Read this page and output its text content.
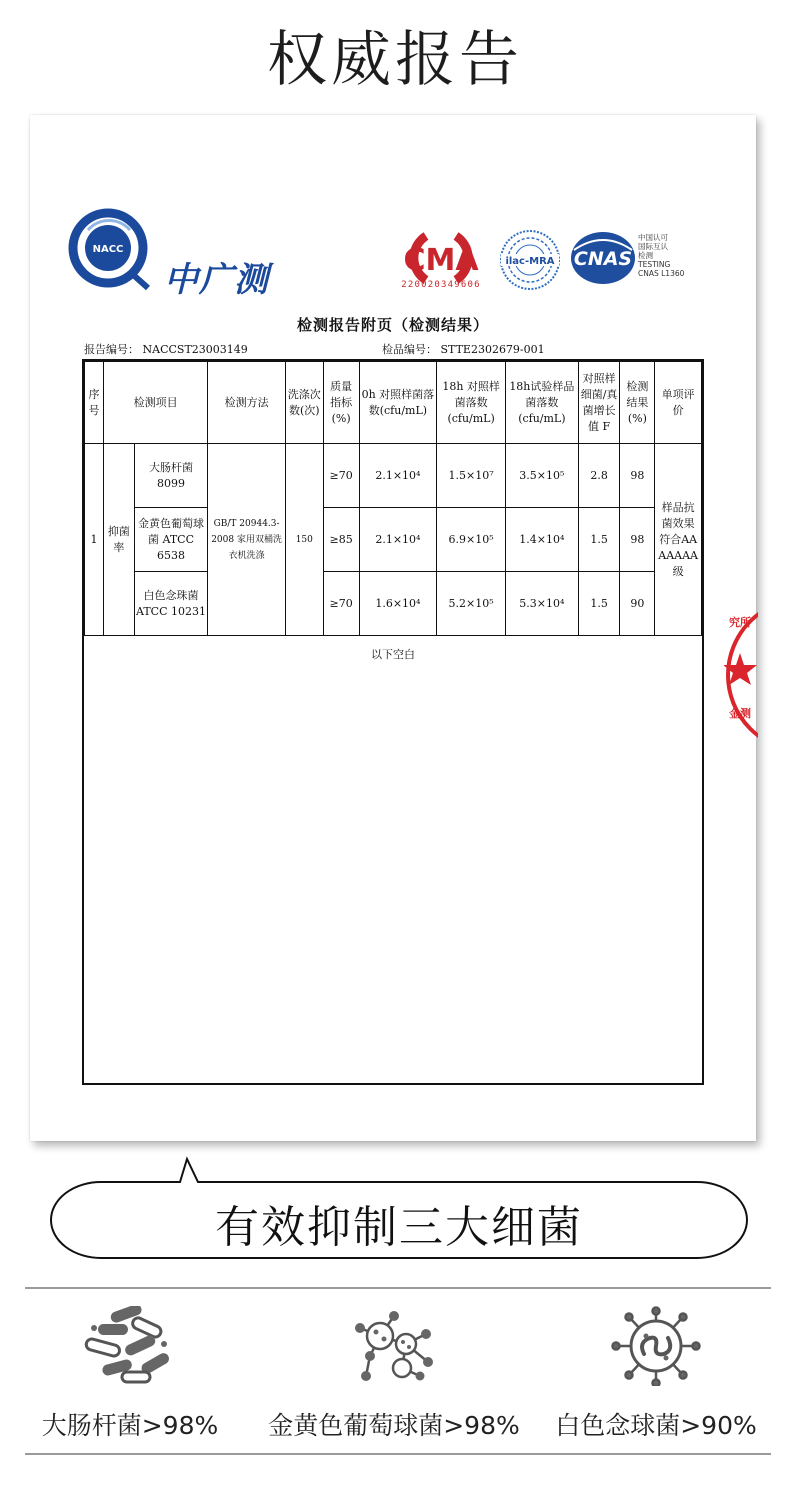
权威报告
NACC
中广测	CMA
220020349606
ilac-MRA CNAS
中国认可
国际互认
检测
TESTING
CNAS L1360
检测报告附页（检测结果）
报告编号： NACCST23003149	检品编号： STTE2302679-001
序号	检测项目		检测方法	洗涤次数(次)	质量指标(%)	0h 对照样菌落数(cfu/mL)	18h 对照样菌落数(cfu/mL)	18h试验样品菌落数(cfu/mL)	对照样细菌/真菌增长值 F	检测结果(%)	单项评价
1	抑菌率	大肠杆菌 8099	GB/T 20944.3-2008 家用双桶洗衣机洗涤	150	≥70	2.1×10⁴	1.5×10⁷	3.5×10⁵	2.8	98	样品抗菌效果符合AAAAAAA级
		金黄色葡萄球菌 ATCC 6538			≥85	2.1×10⁴	6.9×10⁵	1.4×10⁴	1.5	98	
		白色念珠菌 ATCC 10231			≥70	1.6×10⁴	5.2×10⁵	5.3×10⁴	1.5	90	
以下空白
究所
金测
有效抑制三大细菌
大肠杆菌>98%	金黄色葡萄球菌>98%	白色念球菌>90%
